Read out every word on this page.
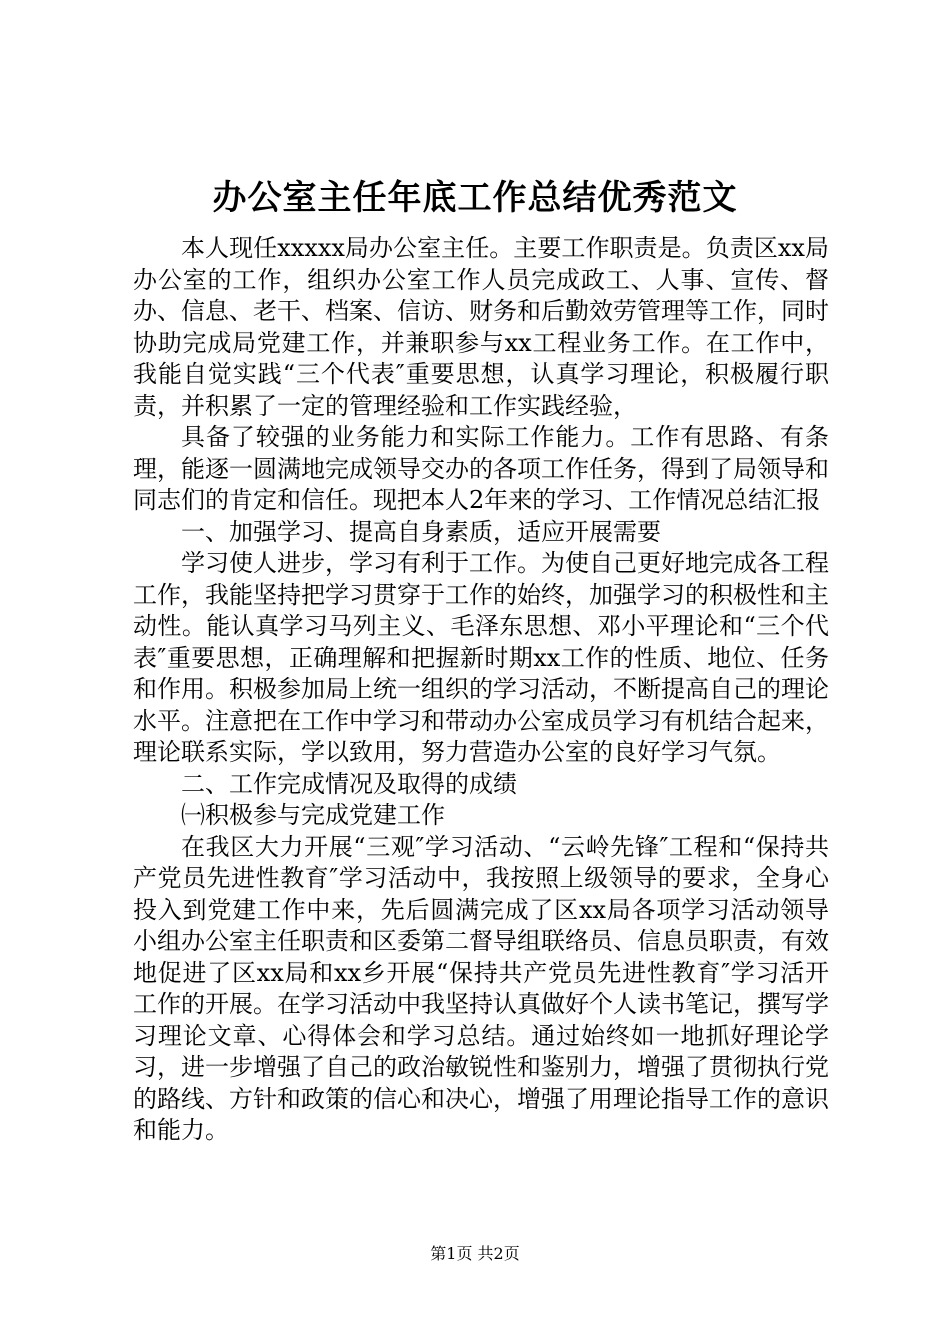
办公室主任年底工作总结优秀范文

本人现任xxxxx局办公室主任。主要工作职责是。负责区xx局办公室的工作，组织办公室工作人员完成政工、人事、宣传、督办、信息、老干、档案、信访、财务和后勤效劳管理等工作，同时协助完成局党建工作，并兼职参与xx工程业务工作。在工作中，我能自觉实践“三个代表″重要思想，认真学习理论，积极履行职责，并积累了一定的管理经验和工作实践经验，

具备了较强的业务能力和实际工作能力。工作有思路、有条理，能逐一圆满地完成领导交办的各项工作任务，得到了局领导和同志们的肯定和信任。现把本人2年来的学习、工作情况总结汇报

一、加强学习、提高自身素质，适应开展需要

学习使人进步，学习有利于工作。为使自己更好地完成各工程工作，我能坚持把学习贯穿于工作的始终，加强学习的积极性和主动性。能认真学习马列主义、毛泽东思想、邓小平理论和“三个代表″重要思想，正确理解和把握新时期xx工作的性质、地位、任务和作用。积极参加局上统一组织的学习活动，不断提高自己的理论水平。注意把在工作中学习和带动办公室成员学习有机结合起来，理论联系实际，学以致用，努力营造办公室的良好学习气氛。

二、工作完成情况及取得的成绩

㈠积极参与完成党建工作

在我区大力开展“三观″学习活动、“云岭先锋″工程和“保持共产党员先进性教育″学习活动中，我按照上级领导的要求，全身心投入到党建工作中来，先后圆满完成了区xx局各项学习活动领导小组办公室主任职责和区委第二督导组联络员、信息员职责，有效地促进了区xx局和xx乡开展“保持共产党员先进性教育″学习活开工作的开展。在学习活动中我坚持认真做好个人读书笔记，撰写学习理论文章、心得体会和学习总结。通过始终如一地抓好理论学习，进一步增强了自己的政治敏锐性和鉴别力，增强了贯彻执行党的路线、方针和政策的信心和决心，增强了用理论指导工作的意识和能力。

第1页 共2页
